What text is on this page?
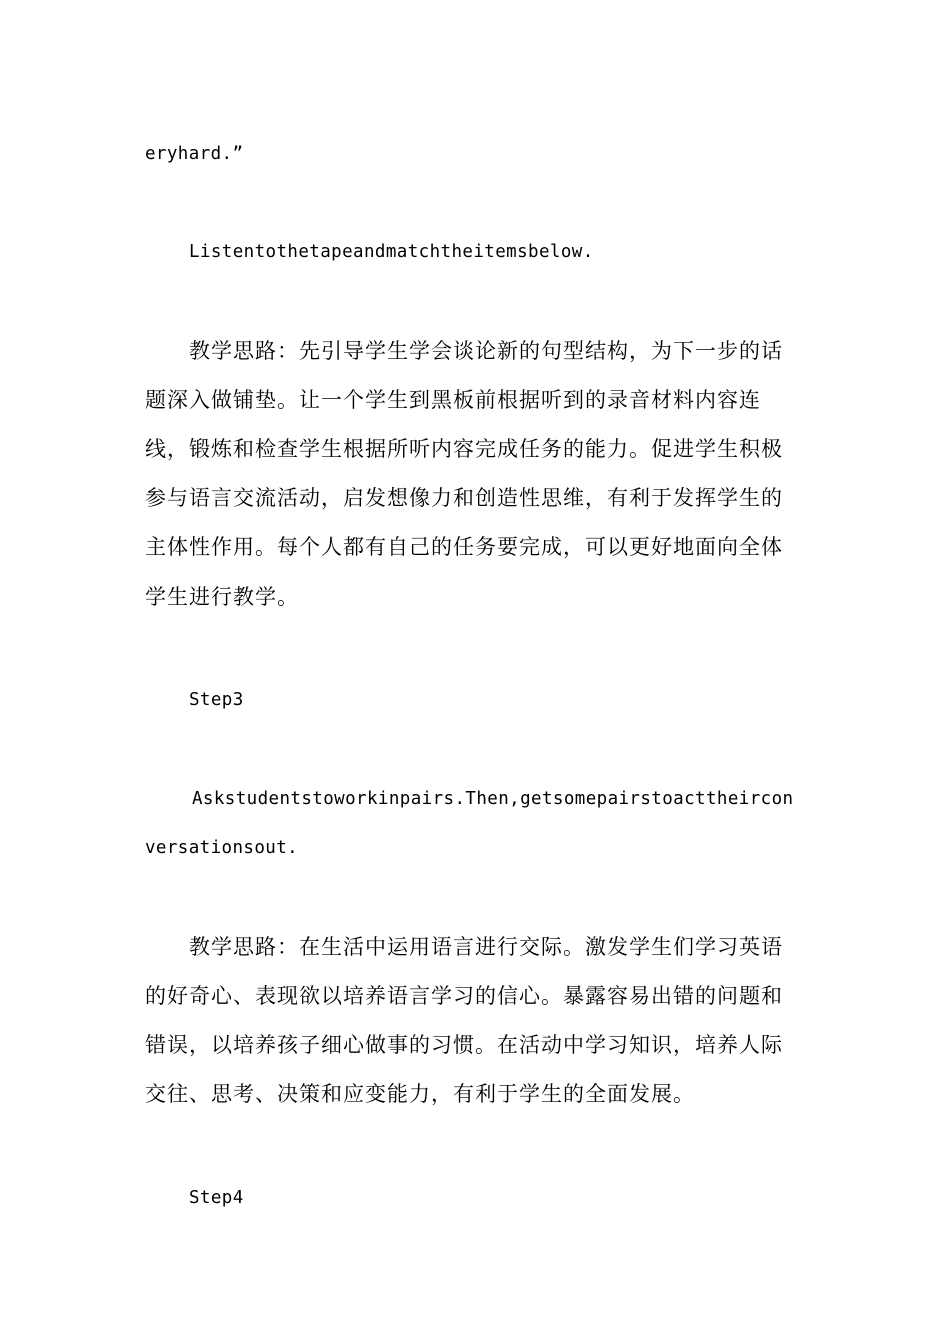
eryhard.”
Listentothetapeandmatchtheitemsbelow.
教学思路：先引导学生学会谈论新的句型结构，为下一步的话
题深入做铺垫。让一个学生到黑板前根据听到的录音材料内容连
线，锻炼和检查学生根据所听内容完成任务的能力。促进学生积极
参与语言交流活动，启发想像力和创造性思维，有利于发挥学生的
主体性作用。每个人都有自己的任务要完成，可以更好地面向全体
学生进行教学。
Step3
Askstudentstoworkinpairs.Then,getsomepairstoacttheircon
versationsout.
教学思路：在生活中运用语言进行交际。激发学生们学习英语
的好奇心、表现欲以培养语言学习的信心。暴露容易出错的问题和
错误，以培养孩子细心做事的习惯。在活动中学习知识，培养人际
交往、思考、决策和应变能力，有利于学生的全面发展。
Step4
